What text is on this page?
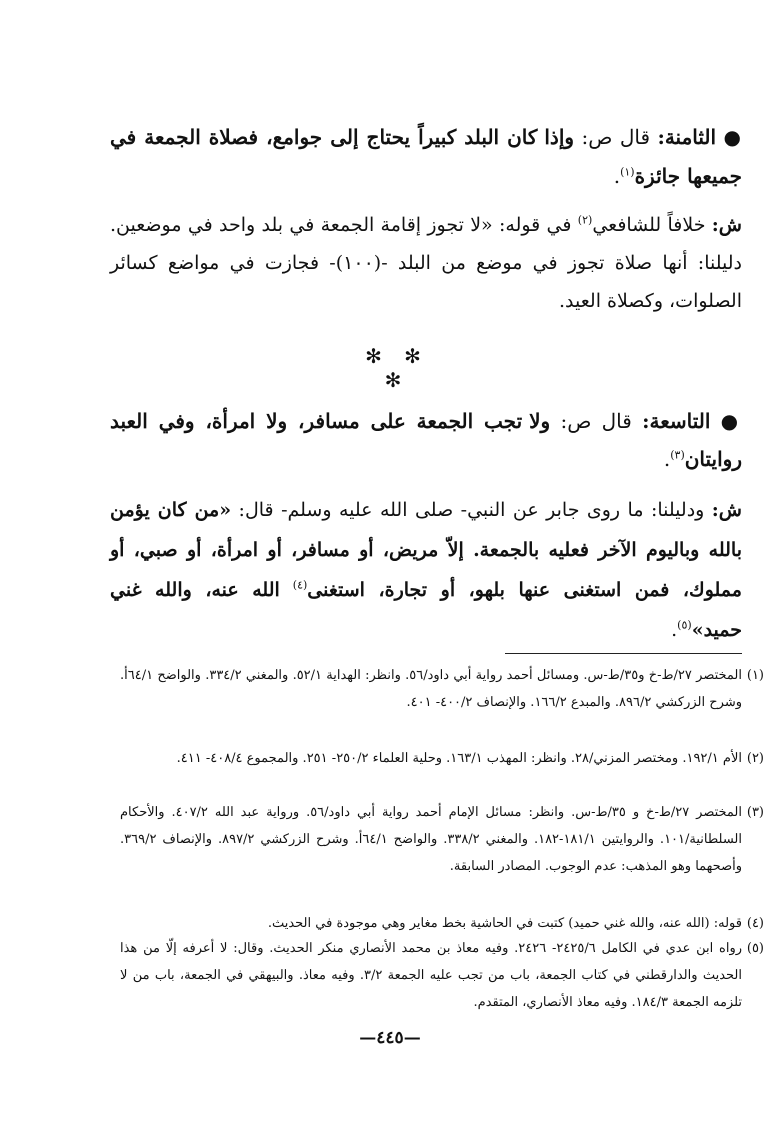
● الثامنة: قال ص: وإذا كان البلد كبيراً يحتاج إلى جوامع، فصلاة الجمعة في جميعها جائزة$^{(١)}$.

ش: خلافاً للشافعي$^{(٢)}$ في قوله: «لا تجوز إقامة الجمعة في بلد واحد في موضعين. دليلنا: أنها صلاة تجوز في موضع من البلد -(١٠٠)- فجازت في مواضع كسائر الصلوات، وكصلاة العيد.

✻ ✻ ✻

● التاسعة: قال ص: ولا تجب الجمعة على مسافر، ولا امرأة، وفي العبد روايتان$^{(٣)}$.

ش: ودليلنا: ما روى جابر عن النبي- صلى الله عليه وسلم- قال: «من كان يؤمن بالله وباليوم الآخر فعليه بالجمعة. إلاّ مريض، أو مسافر، أو امرأة، أو صبي، أو مملوك، فمن استغنى عنها بلهو، أو تجارة، استغنى$^{(٤)}$ الله عنه، والله غني حميد»$^{(٥)}$.

(١)
المختصر ٢٧/ط-خ و٣٥/ط-س. ومسائل أحمد رواية أبي داود/٥٦. وانظر: الهداية ٥٢/١. والمغني ٣٣٤/٢. والواضح ٦٤/١أ. وشرح الزركشي ٨٩٦/٢. والمبدع ١٦٦/٢. والإنصاف ٤٠٠/٢- ٤٠١.
(٢)
الأم ١٩٢/١. ومختصر المزني/٢٨. وانظر: المهذب ١٦٣/١. وحلية العلماء ٢٥٠/٢- ٢٥١. والمجموع ٤٠٨/٤- ٤١١.
(٣)
المختصر ٢٧/ط-خ و ٣٥/ط-س. وانظر: مسائل الإمام أحمد رواية أبي داود/٥٦. ورواية عبد الله ٤٠٧/٢. والأحكام السلطانية/١٠١. والروايتين ١٨١/١-١٨٢. والمغني ٣٣٨/٢. والواضح ٦٤/١أ. وشرح الزركشي ٨٩٧/٢. والإنصاف ٣٦٩/٢. وأصحهما وهو المذهب: عدم الوجوب. المصادر السابقة.
(٤)
قوله: (الله عنه، والله غني حميد) كتبت في الحاشية بخط مغاير وهي موجودة في الحديث.
(٥)
رواه ابن عدي في الكامل ٢٤٢٥/٦- ٢٤٢٦. وفيه معاذ بن محمد الأنصاري منكر الحديث. وقال: لا أعرفه إلّا من هذا الحديث والدارقطني في كتاب الجمعة، باب من تجب عليه الجمعة ٣/٢. وفيه معاذ. والبيهقي في الجمعة، باب من لا تلزمه الجمعة ١٨٤/٣. وفيه معاذ الأنصاري، المتقدم.
—٤٤٥—
